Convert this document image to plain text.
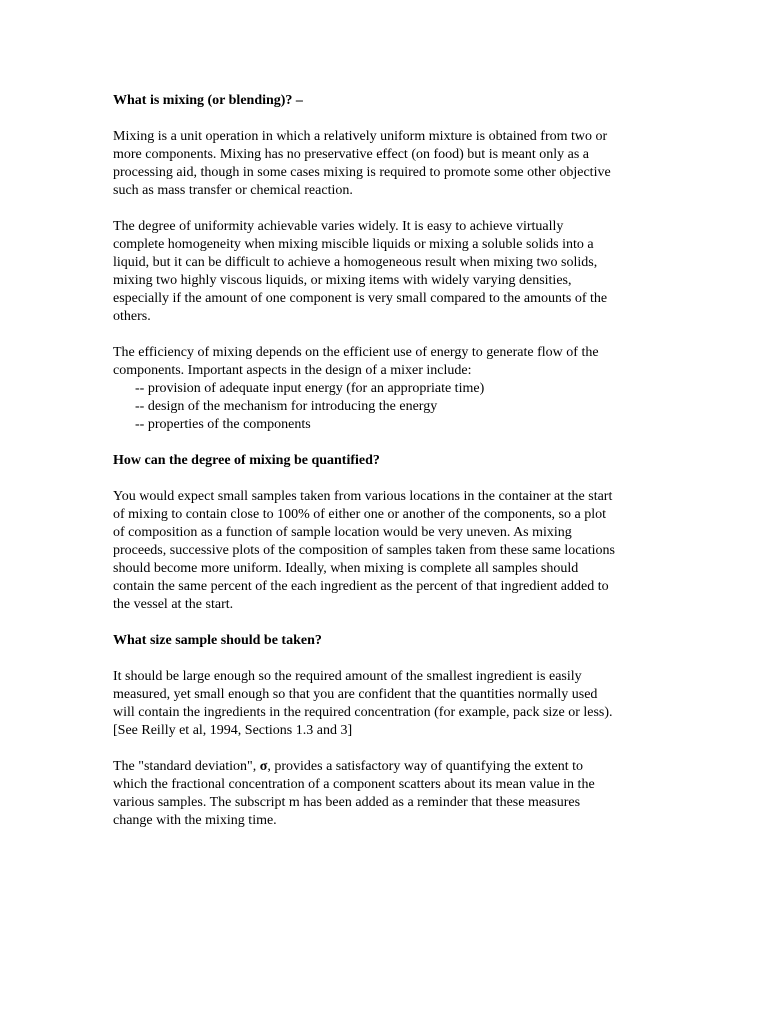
What is mixing (or blending)? –
Mixing is a unit operation in which a relatively uniform mixture is obtained from two or
more components. Mixing has no preservative effect (on food) but is meant only as a
processing aid, though in some cases mixing is required to promote some other objective
such as mass transfer or chemical reaction.
The degree of uniformity achievable varies widely. It is easy to achieve virtually
complete homogeneity when mixing miscible liquids or mixing a soluble solids into a
liquid, but it can be difficult to achieve a homogeneous result when mixing two solids,
mixing two highly viscous liquids, or mixing items with widely varying densities,
especially if the amount of one component is very small compared to the amounts of the
others.
The efficiency of mixing depends on the efficient use of energy to generate flow of the
components. Important aspects in the design of a mixer include:
-- provision of adequate input energy (for an appropriate time)
-- design of the mechanism for introducing the energy
-- properties of the components
How can the degree of mixing be quantified?
You would expect small samples taken from various locations in the container at the start
of mixing to contain close to 100% of either one or another of the components, so a plot
of composition as a function of sample location would be very uneven. As mixing
proceeds, successive plots of the composition of samples taken from these same locations
should become more uniform. Ideally, when mixing is complete all samples should
contain the same percent of the each ingredient as the percent of that ingredient added to
the vessel at the start.
What size sample should be taken?
It should be large enough so the required amount of the smallest ingredient is easily
measured, yet small enough so that you are confident that the quantities normally used
will contain the ingredients in the required concentration (for example, pack size or less).
[See Reilly et al, 1994, Sections 1.3 and 3]
The "standard deviation", σ, provides a satisfactory way of quantifying the extent to
which the fractional concentration of a component scatters about its mean value in the
various samples. The subscript m has been added as a reminder that these measures
change with the mixing time.
